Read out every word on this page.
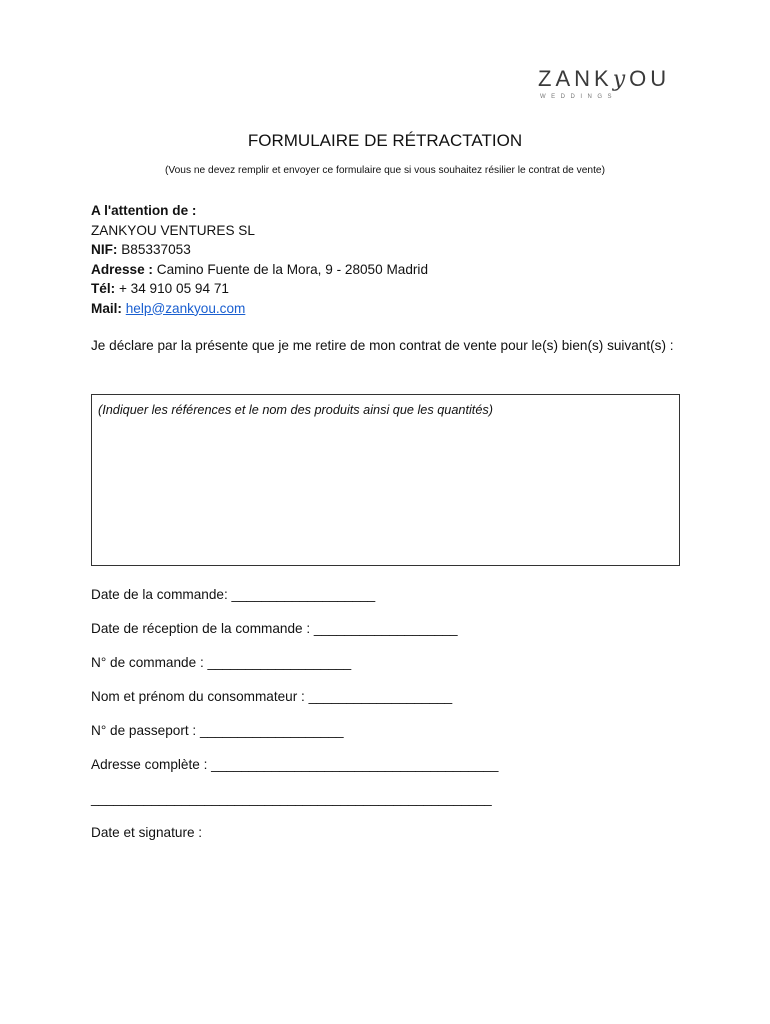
ZANKyOU
WEDDINGS
FORMULAIRE DE RÉTRACTATION
(Vous ne devez remplir et envoyer ce formulaire que si vous souhaitez résilier le contrat de vente)
A l'attention de :
ZANKYOU VENTURES SL
NIF: B85337053
Adresse : Camino Fuente de la Mora, 9 - 28050 Madrid
Tél: + 34 910 05 94 71
Mail: help@zankyou.com
Je déclare par la présente que je me retire de mon contrat de vente pour le(s) bien(s) suivant(s) :
(Indiquer les références et le nom des produits ainsi que les quantités)
Date de la commande: ___________________
Date de réception de la commande : ___________________
N° de commande : ___________________
Nom et prénom du consommateur : ___________________
N° de passeport : ___________________
Adresse complète : ______________________________________
_____________________________________________________
Date et signature :
